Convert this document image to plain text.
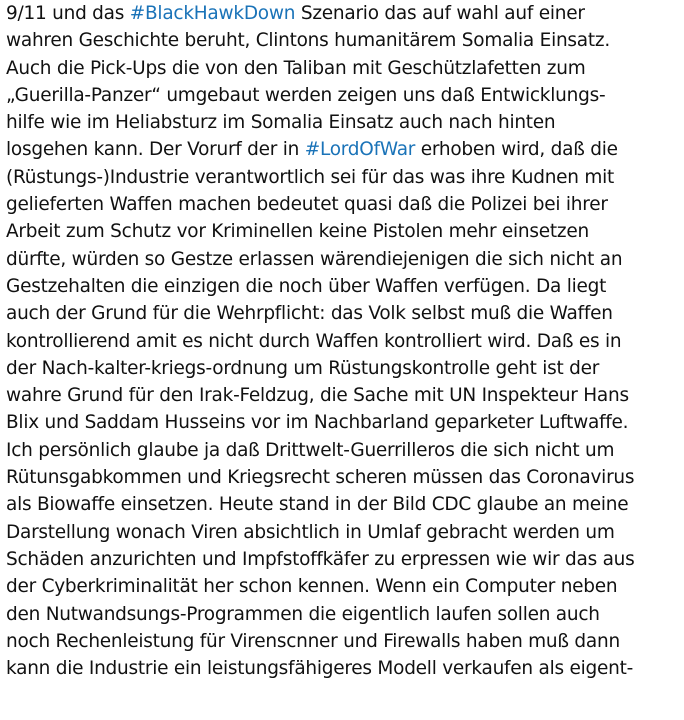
9/11 und das #BlackHawkDown Szenario das auf wahl auf einer
wahren Geschichte beruht, Clintons humanitärem Somalia Einsatz.
Auch die Pick-Ups die von den Taliban mit Geschützlafetten zum
„Guerilla-Panzer“ umgebaut werden zeigen uns daß Entwicklungs-
hilfe wie im Heliabsturz im Somalia Einsatz auch nach hinten
losgehen kann. Der Vorurf der in #LordOfWar erhoben wird, daß die
(Rüstungs-)Industrie verantwortlich sei für das was ihre Kudnen mit
gelieferten Waffen machen bedeutet quasi daß die Polizei bei ihrer
Arbeit zum Schutz vor Kriminellen keine Pistolen mehr einsetzen
dürfte, würden so Gestze erlassen wärendiejenigen die sich nicht an
Gestzehalten die einzigen die noch über Waffen verfügen. Da liegt
auch der Grund für die Wehrpflicht: das Volk selbst muß die Waffen
kontrollierend amit es nicht durch Waffen kontrolliert wird. Daß es in
der Nach-kalter-kriegs-ordnung um Rüstungskontrolle geht ist der
wahre Grund für den Irak-Feldzug, die Sache mit UN Inspekteur Hans
Blix und Saddam Husseins vor im Nachbarland geparketer Luftwaffe.
Ich persönlich glaube ja daß Drittwelt-Guerrilleros die sich nicht um
Rütunsgabkommen und Kriegsrecht scheren müssen das Coronavirus
als Biowaffe einsetzen. Heute stand in der Bild CDC glaube an meine
Darstellung wonach Viren absichtlich in Umlaf gebracht werden um
Schäden anzurichten und Impfstoffkäfer zu erpressen wie wir das aus
der Cyberkriminalität her schon kennen. Wenn ein Computer neben
den Nutwandsungs-Programmen die eigentlich laufen sollen auch
noch Rechenleistung für Virenscnner und Firewalls haben muß dann
kann die Industrie ein leistungsfähigeres Modell verkaufen als eigent-
